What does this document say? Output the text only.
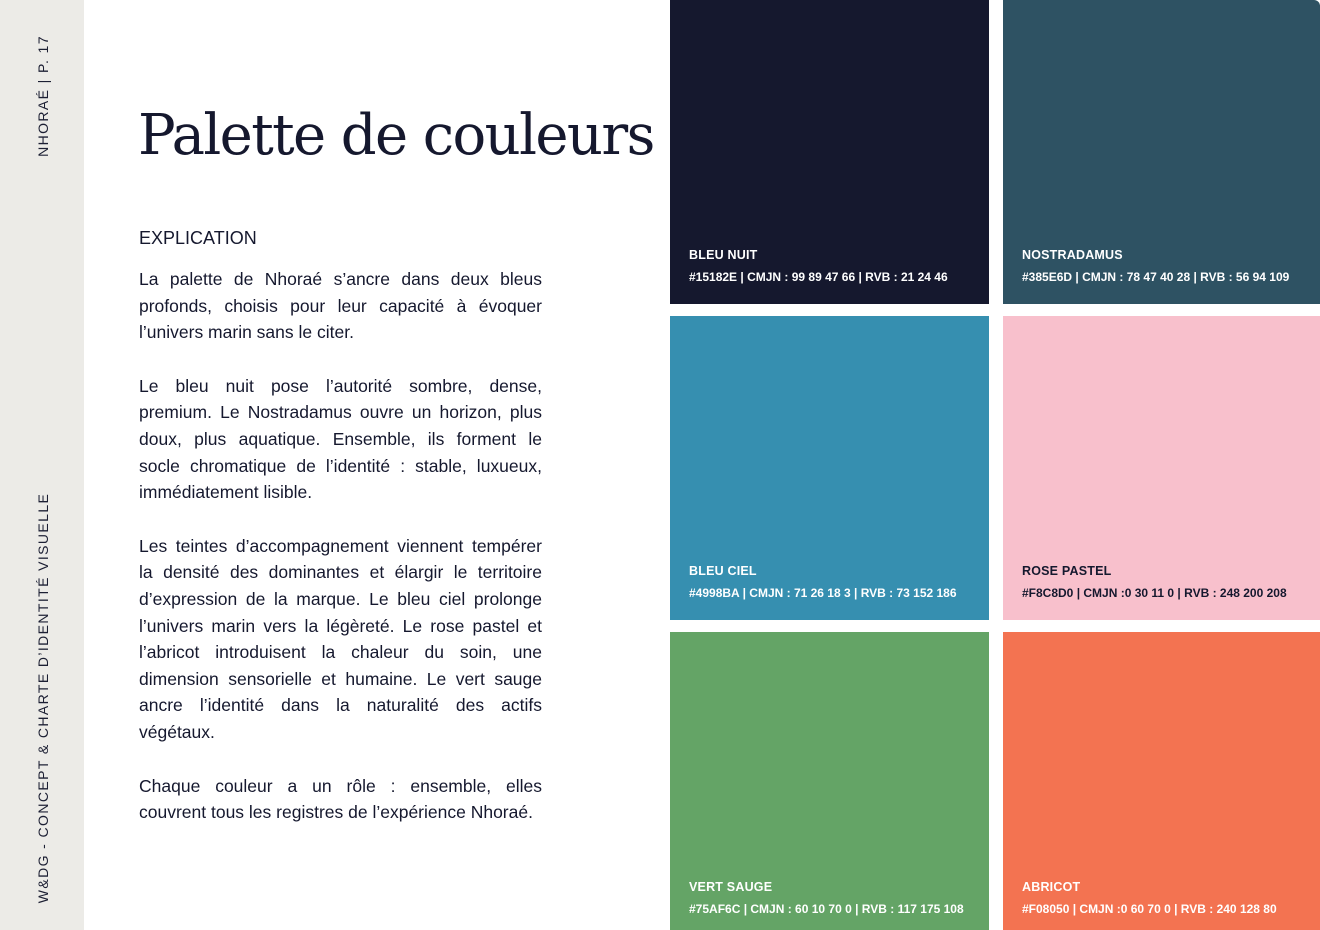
NHORAÉ | P. 17
W&DG - CONCEPT & CHARTE D’IDENTITÉ VISUELLE
Palette de couleurs
EXPLICATION

La palette de Nhoraé s’ancre dans deux bleus profonds, choisis pour leur capacité à évoquer l’univers marin sans le citer.

Le bleu nuit pose l’autorité sombre, dense, premium. Le Nostradamus ouvre un horizon, plus doux, plus aquatique. Ensemble, ils forment le socle chromatique de l’identité : stable, luxueux, immédiatement lisible.

Les teintes d’accompagnement viennent tempérer la densité des dominantes et élargir le territoire d’expression de la marque. Le bleu ciel prolonge l’univers marin vers la légèreté. Le rose pastel et l’abricot introduisent la chaleur du soin, une dimension sensorielle et humaine. Le vert sauge ancre l’identité dans la naturalité des actifs végétaux.

Chaque couleur a un rôle : ensemble, elles couvrent tous les registres de l’expérience Nhoraé.

BLEU NUIT
#15182E | CMJN : 99 89 47 66 | RVB : 21 24 46
NOSTRADAMUS
#385E6D | CMJN : 78 47 40 28 | RVB : 56 94 109
BLEU CIEL
#4998BA | CMJN : 71 26 18 3 | RVB : 73 152 186
ROSE PASTEL
#F8C8D0 | CMJN :0 30 11 0 | RVB : 248 200 208
VERT SAUGE
#75AF6C | CMJN : 60 10 70 0 | RVB : 117 175 108
ABRICOT
#F08050 | CMJN :0 60 70 0 | RVB : 240 128 80
